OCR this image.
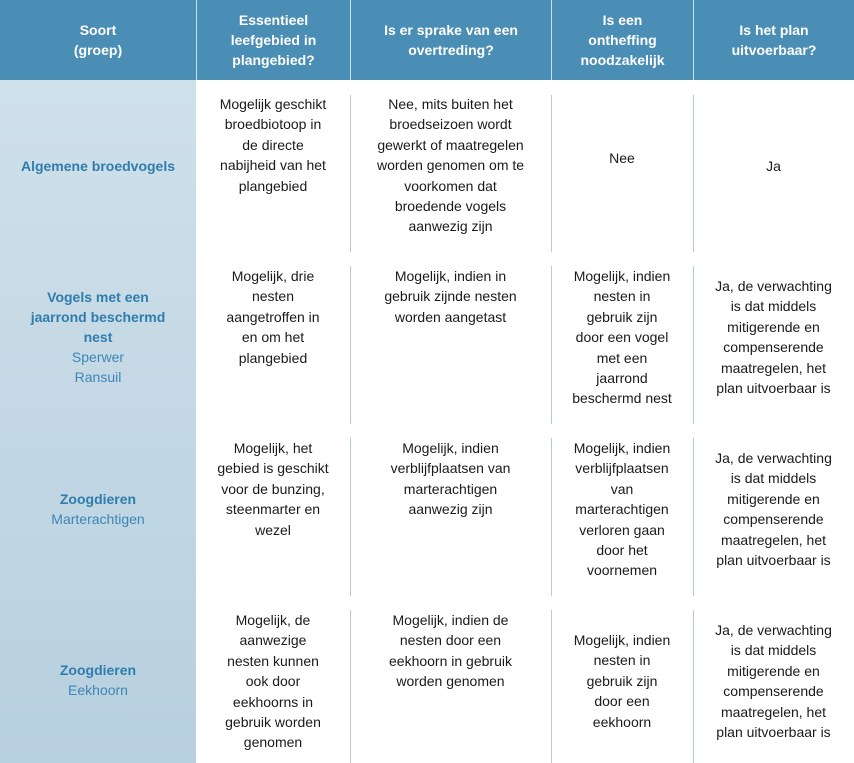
Soort
(groep)
Essentieel
leefgebied in
plangebied?
Is er sprake van een
overtreding?
Is een
ontheffing
noodzakelijk
Is het plan
uitvoerbaar?
Algemene broedvogels
Mogelijk geschikt
broedbiotoop in
de directe
nabijheid van het
plangebied
Nee, mits buiten het
broedseizoen wordt
gewerkt of maatregelen
worden genomen om te
voorkomen dat
broedende vogels
aanwezig zijn
Nee	Ja
Vogels met een
jaarrond beschermd
nest
Sperwer
Ransuil
Mogelijk, drie
nesten
aangetroffen in
en om het
plangebied
Mogelijk, indien in
gebruik zijnde nesten
worden aangetast
Mogelijk, indien
nesten in
gebruik zijn
door een vogel
met een
jaarrond
beschermd nest
Ja, de verwachting
is dat middels
mitigerende en
compenserende
maatregelen, het
plan uitvoerbaar is
Zoogdieren
Marterachtigen
Mogelijk, het
gebied is geschikt
voor de bunzing,
steenmarter en
wezel
Mogelijk, indien
verblijfplaatsen van
marterachtigen
aanwezig zijn
Mogelijk, indien
verblijfplaatsen
van
marterachtigen
verloren gaan
door het
voornemen
Ja, de verwachting
is dat middels
mitigerende en
compenserende
maatregelen, het
plan uitvoerbaar is
Zoogdieren
Eekhoorn
Mogelijk, de
aanwezige
nesten kunnen
ook door
eekhoorns in
gebruik worden
genomen
Mogelijk, indien de
nesten door een
eekhoorn in gebruik
worden genomen
Mogelijk, indien
nesten in
gebruik zijn
door een
eekhoorn
Ja, de verwachting
is dat middels
mitigerende en
compenserende
maatregelen, het
plan uitvoerbaar is
